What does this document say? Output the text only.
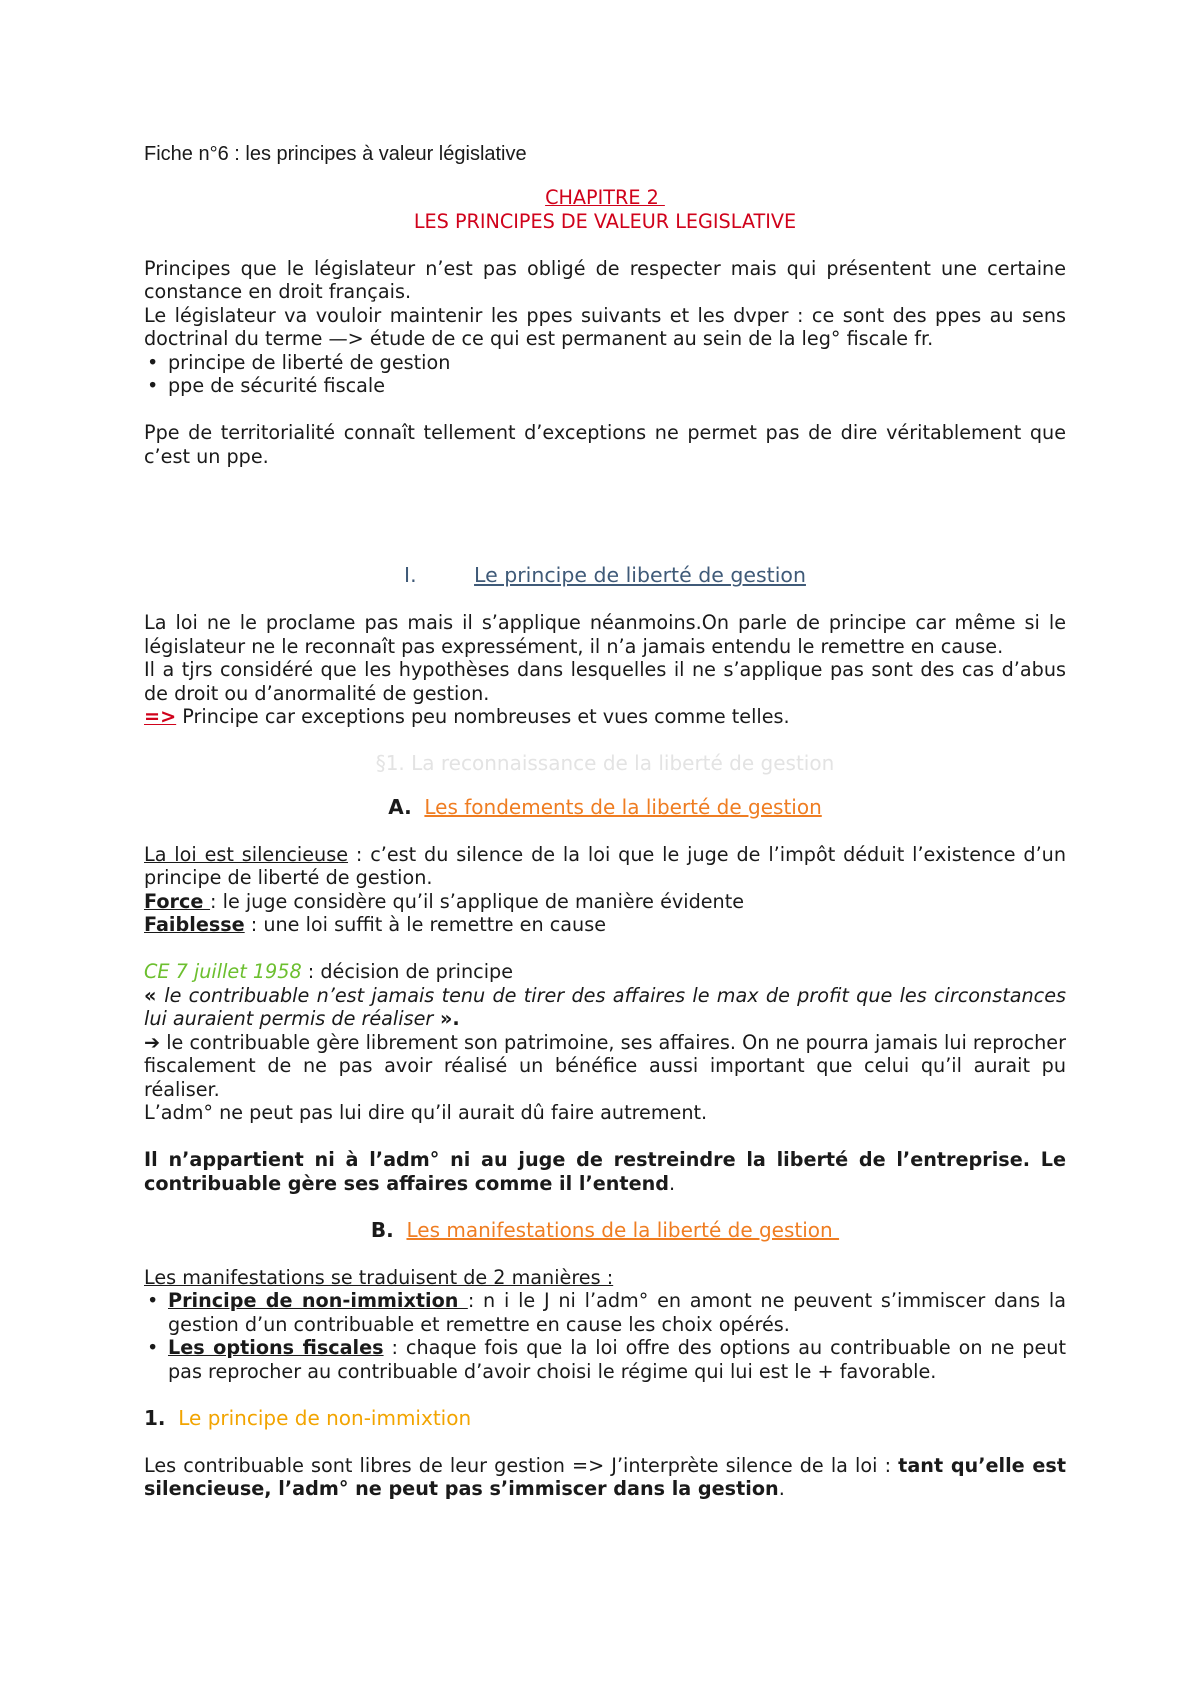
Fiche n°6 : les principes à valeur législative

CHAPITRE 2

LES PRINCIPES DE VALEUR LEGISLATIVE

Principes que le législateur n’est pas obligé de respecter mais qui présentent une certaine constance en droit français.

Le législateur va vouloir maintenir les ppes suivants et les dvper : ce sont des ppes au sens doctrinal du terme —> étude de ce qui est permanent au sein de la leg° fiscale fr.

• principe de liberté de gestion

• ppe de sécurité fiscale

Ppe de territorialité connaît tellement d’exceptions ne permet pas de dire véritablement que c’est un ppe.

I.	Le principe de liberté de gestion

La loi ne le proclame pas mais il s’applique néanmoins.On parle de principe car même si le législateur ne le reconnaît pas expressément, il n’a jamais entendu le remettre en cause.

Il a tjrs considéré que les hypothèses dans lesquelles il ne s’applique pas sont des cas d’abus de droit ou d’anormalité de gestion.

=> Principe car exceptions peu nombreuses et vues comme telles.

§1. La reconnaissance de la liberté de gestion

A. Les fondements de la liberté de gestion

La loi est silencieuse : c’est du silence de la loi que le juge de l’impôt déduit l’existence d’un principe de liberté de gestion.

Force : le juge considère qu’il s’applique de manière évidente

Faiblesse : une loi suffit à le remettre en cause

CE 7 juillet 1958 : décision de principe

« le contribuable n’est jamais tenu de tirer des affaires le max de profit que les circonstances lui auraient permis de réaliser ».

➔ le contribuable gère librement son patrimoine, ses affaires. On ne pourra jamais lui reprocher fiscalement de ne pas avoir réalisé un bénéfice aussi important que celui qu’il aurait pu réaliser.

L’adm° ne peut pas lui dire qu’il aurait dû faire autrement.

Il n’appartient ni à l’adm° ni au juge de restreindre la liberté de l’entreprise. Le contribuable gère ses affaires comme il l’entend.

B. Les manifestations de la liberté de gestion

Les manifestations se traduisent de 2 manières :

• Principe de non-immixtion : n i le J ni l’adm° en amont ne peuvent s’immiscer dans la gestion d’un contribuable et remettre en cause les choix opérés.

• Les options fiscales : chaque fois que la loi offre des options au contribuable on ne peut pas reprocher au contribuable d’avoir choisi le régime qui lui est le + favorable.

1. Le principe de non-immixtion

Les contribuable sont libres de leur gestion => J’interprète silence de la loi : tant qu’elle est silencieuse, l’adm° ne peut pas s’immiscer dans la gestion.
